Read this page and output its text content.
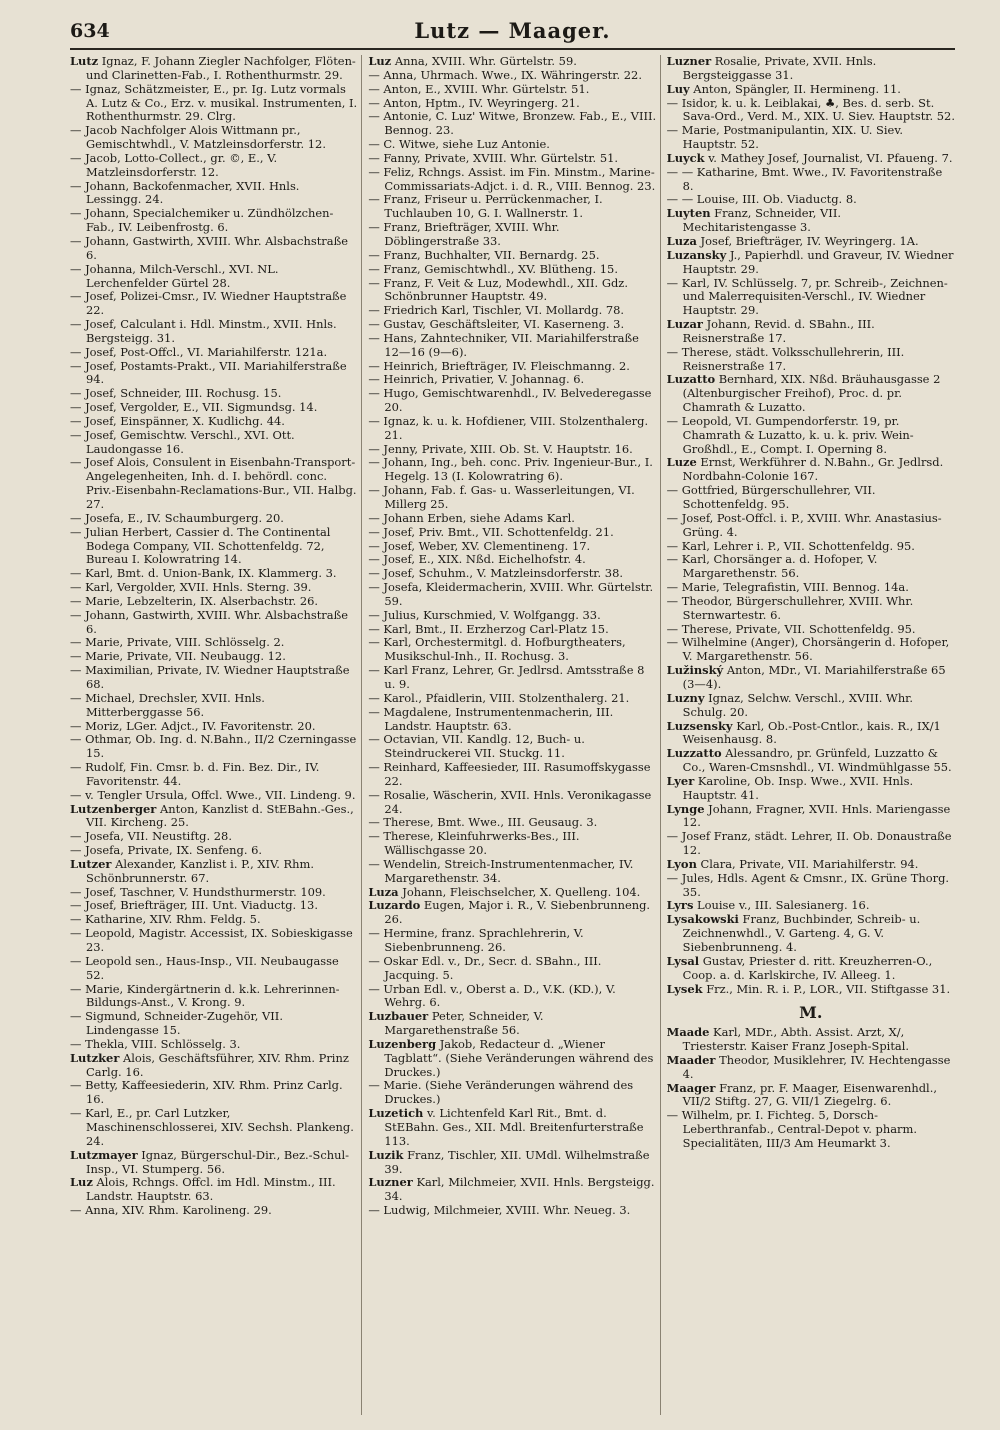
634	Lutz — Maager.

Lutz Ignaz, F. Johann Ziegler Nachfolger, Flöten- und Clarinetten-Fab., I. Rothenthurmstr. 29.

— Ignaz, Schätzmeister, E., pr. Ig. Lutz vormals A. Lutz & Co., Erz. v. musikal. Instrumenten, I. Rothenthurmstr. 29. Clrg.

— Jacob Nachfolger Alois Wittmann pr., Gemischtwhdl., V. Matzleinsdorferstr. 12.

— Jacob, Lotto-Collect., gr. ©, E., V. Matzleinsdorferstr. 12.

— Johann, Backofenmacher, XVII. Hnls. Lessingg. 24.

— Johann, Specialchemiker u. Zündhölzchen-Fab., IV. Leibenfrostg. 6.

— Johann, Gastwirth, XVIII. Whr. Alsbachstraße 6.

— Johanna, Milch-Verschl., XVI. NL. Lerchenfelder Gürtel 28.

— Josef, Polizei-Cmsr., IV. Wiedner Hauptstraße 22.

— Josef, Calculant i. Hdl. Minstm., XVII. Hnls. Bergsteigg. 31.

— Josef, Post-Offcl., VI. Mariahilferstr. 121a.

— Josef, Postamts-Prakt., VII. Mariahilferstraße 94.

— Josef, Schneider, III. Rochusg. 15.

— Josef, Vergolder, E., VII. Sigmundsg. 14.

— Josef, Einspänner, X. Kudlichg. 44.

— Josef, Gemischtw. Verschl., XVI. Ott. Laudongasse 16.

— Josef Alois, Consulent in Eisenbahn-Transport-Angelegenheiten, Inh. d. I. behördl. conc. Priv.-Eisenbahn-Reclamations-Bur., VII. Halbg. 27.

— Josefa, E., IV. Schaumburgerg. 20.

— Julian Herbert, Cassier d. The Continental Bodega Company, VII. Schottenfeldg. 72, Bureau I. Kolowratring 14.

— Karl, Bmt. d. Union-Bank, IX. Klammerg. 3.

— Karl, Vergolder, XVII. Hnls. Sterng. 39.

— Marie, Lebzelterin, IX. Alserbachstr. 26.

— Johann, Gastwirth, XVIII. Whr. Alsbachstraße 6.

— Marie, Private, VIII. Schlösselg. 2.

— Marie, Private, VII. Neubaugg. 12.

— Maximilian, Private, IV. Wiedner Hauptstraße 68.

— Michael, Drechsler, XVII. Hnls. Mitterberggasse 56.

— Moriz, LGer. Adjct., IV. Favoritenstr. 20.

— Othmar, Ob. Ing. d. N.Bahn., II/2 Czerningasse 15.

— Rudolf, Fin. Cmsr. b. d. Fin. Bez. Dir., IV. Favoritenstr. 44.

— v. Tengler Ursula, Offcl. Wwe., VII. Lindeng. 9.

Lutzenberger Anton, Kanzlist d. StEBahn.-Ges., VII. Kircheng. 25.

— Josefa, VII. Neustiftg. 28.

— Josefa, Private, IX. Senfeng. 6.

Lutzer Alexander, Kanzlist i. P., XIV. Rhm. Schönbrunnerstr. 67.

— Josef, Taschner, V. Hundsthurmerstr. 109.

— Josef, Briefträger, III. Unt. Viaductg. 13.

— Katharine, XIV. Rhm. Feldg. 5.

— Leopold, Magistr. Accessist, IX. Sobieskigasse 23.

— Leopold sen., Haus-Insp., VII. Neubaugasse 52.

— Marie, Kindergärtnerin d. k.k. Lehrerinnen-Bildungs-Anst., V. Krong. 9.

— Sigmund, Schneider-Zugehör, VII. Lindengasse 15.

— Thekla, VIII. Schlösselg. 3.

Lutzker Alois, Geschäftsführer, XIV. Rhm. Prinz Carlg. 16.

— Betty, Kaffeesiederin, XIV. Rhm. Prinz Carlg. 16.

— Karl, E., pr. Carl Lutzker, Maschinenschlosserei, XIV. Sechsh. Plankeng. 24.

Lutzmayer Ignaz, Bürgerschul-Dir., Bez.-Schul-Insp., VI. Stumperg. 56.

Luz Alois, Rchngs. Offcl. im Hdl. Minstm., III. Landstr. Hauptstr. 63.

— Anna, XIV. Rhm. Karolineng. 29.

Luz Anna, XVIII. Whr. Gürtelstr. 59.

— Anna, Uhrmach. Wwe., IX. Währingerstr. 22.

— Anton, E., XVIII. Whr. Gürtelstr. 51.

— Anton, Hptm., IV. Weyringerg. 21.

— Antonie, C. Luz' Witwe, Bronzew. Fab., E., VIII. Bennog. 23.

— C. Witwe, siehe Luz Antonie.

— Fanny, Private, XVIII. Whr. Gürtelstr. 51.

— Feliz, Rchngs. Assist. im Fin. Minstm., Marine-Commissariats-Adjct. i. d. R., VIII. Bennog. 23.

— Franz, Friseur u. Perrückenmacher, I. Tuchlauben 10, G. I. Wallnerstr. 1.

— Franz, Briefträger, XVIII. Whr. Döblingerstraße 33.

— Franz, Buchhalter, VII. Bernardg. 25.

— Franz, Gemischtwhdl., XV. Blütheng. 15.

— Franz, F. Veit & Luz, Modewhdl., XII. Gdz. Schönbrunner Hauptstr. 49.

— Friedrich Karl, Tischler, VI. Mollardg. 78.

— Gustav, Geschäftsleiter, VI. Kaserneng. 3.

— Hans, Zahntechniker, VII. Mariahilferstraße 12—16 (9—6).

— Heinrich, Briefträger, IV. Fleischmanng. 2.

— Heinrich, Privatier, V. Johannag. 6.

— Hugo, Gemischtwarenhdl., IV. Belvederegasse 20.

— Ignaz, k. u. k. Hofdiener, VIII. Stolzenthalerg. 21.

— Jenny, Private, XIII. Ob. St. V. Hauptstr. 16.

— Johann, Ing., beh. conc. Priv. Ingenieur-Bur., I. Hegelg. 13 (I. Kolowratring 6).

— Johann, Fab. f. Gas- u. Wasserleitungen, VI. Millerg 25.

— Johann Erben, siehe Adams Karl.

— Josef, Priv. Bmt., VII. Schottenfeldg. 21.

— Josef, Weber, XV. Clementineng. 17.

— Josef, E., XIX. Nßd. Eichelhofstr. 4.

— Josef, Schuhm., V. Matzleinsdorferstr. 38.

— Josefa, Kleidermacherin, XVIII. Whr. Gürtelstr. 59.

— Julius, Kurschmied, V. Wolfgangg. 33.

— Karl, Bmt., II. Erzherzog Carl-Platz 15.

— Karl, Orchestermitgl. d. Hofburgtheaters, Musikschul-Inh., II. Rochusg. 3.

— Karl Franz, Lehrer, Gr. Jedlrsd. Amtsstraße 8 u. 9.

— Karol., Pfaidlerin, VIII. Stolzenthalerg. 21.

— Magdalene, Instrumentenmacherin, III. Landstr. Hauptstr. 63.

— Octavian, VII. Kandlg. 12, Buch- u. Steindruckerei VII. Stuckg. 11.

— Reinhard, Kaffeesieder, III. Rasumoffskygasse 22.

— Rosalie, Wäscherin, XVII. Hnls. Veronikagasse 24.

— Therese, Bmt. Wwe., III. Geusaug. 3.

— Therese, Kleinfuhrwerks-Bes., III. Wällischgasse 20.

— Wendelin, Streich-Instrumentenmacher, IV. Margarethenstr. 34.

Luza Johann, Fleischselcher, X. Quelleng. 104.

Luzardo Eugen, Major i. R., V. Siebenbrunneng. 26.

— Hermine, franz. Sprachlehrerin, V. Siebenbrunneng. 26.

— Oskar Edl. v., Dr., Secr. d. SBahn., III. Jacquing. 5.

— Urban Edl. v., Oberst a. D., V.K. (KD.), V. Wehrg. 6.

Luzbauer Peter, Schneider, V. Margarethenstraße 56.

Luzenberg Jakob, Redacteur d. „Wiener Tagblatt“. (Siehe Veränderungen während des Druckes.)

— Marie. (Siehe Veränderungen während des Druckes.)

Luzetich v. Lichtenfeld Karl Rit., Bmt. d. StEBahn. Ges., XII. Mdl. Breitenfurterstraße 113.

Luzik Franz, Tischler, XII. UMdl. Wilhelmstraße 39.

Luzner Karl, Milchmeier, XVII. Hnls. Bergsteigg. 34.

— Ludwig, Milchmeier, XVIII. Whr. Neueg. 3.

Luzner Rosalie, Private, XVII. Hnls. Bergsteiggasse 31.

Luy Anton, Spängler, II. Hermineng. 11.

— Isidor, k. u. k. Leiblakai, ♣, Bes. d. serb. St. Sava-Ord., Verd. M., XIX. U. Siev. Hauptstr. 52.

— Marie, Postmanipulantin, XIX. U. Siev. Hauptstr. 52.

Luyck v. Mathey Josef, Journalist, VI. Pfaueng. 7.

— — Katharine, Bmt. Wwe., IV. Favoritenstraße 8.

— — Louise, III. Ob. Viaductg. 8.

Luyten Franz, Schneider, VII. Mechitaristengasse 3.

Luza Josef, Briefträger, IV. Weyringerg. 1A.

Luzansky J., Papierhdl. und Graveur, IV. Wiedner Hauptstr. 29.

— Karl, IV. Schlüsselg. 7, pr. Schreib-, Zeichnen- und Malerrequisiten-Verschl., IV. Wiedner Hauptstr. 29.

Luzar Johann, Revid. d. SBahn., III. Reisnerstraße 17.

— Therese, städt. Volksschullehrerin, III. Reisnerstraße 17.

Luzatto Bernhard, XIX. Nßd. Bräuhausgasse 2 (Altenburgischer Freihof), Proc. d. pr. Chamrath & Luzatto.

— Leopold, VI. Gumpendorferstr. 19, pr. Chamrath & Luzatto, k. u. k. priv. Wein-Großhdl., E., Compt. I. Operning 8.

Luze Ernst, Werkführer d. N.Bahn., Gr. Jedlrsd. Nordbahn-Colonie 167.

— Gottfried, Bürgerschullehrer, VII. Schottenfeldg. 95.

— Josef, Post-Offcl. i. P., XVIII. Whr. Anastasius-Grüng. 4.

— Karl, Lehrer i. P., VII. Schottenfeldg. 95.

— Karl, Chorsänger a. d. Hofoper, V. Margarethenstr. 56.

— Marie, Telegrafistin, VIII. Bennog. 14a.

— Theodor, Bürgerschullehrer, XVIII. Whr. Sternwartestr. 6.

— Therese, Private, VII. Schottenfeldg. 95.

— Wilhelmine (Anger), Chorsängerin d. Hofoper, V. Margarethenstr. 56.

Lužinský Anton, MDr., VI. Mariahilferstraße 65 (3—4).

Luzny Ignaz, Selchw. Verschl., XVIII. Whr. Schulg. 20.

Luzsensky Karl, Ob.-Post-Cntlor., kais. R., IX/1 Weisenhausg. 8.

Luzzatto Alessandro, pr. Grünfeld, Luzzatto & Co., Waren-Cmsnshdl., VI. Windmühlgasse 55.

Lyer Karoline, Ob. Insp. Wwe., XVII. Hnls. Hauptstr. 41.

Lynge Johann, Fragner, XVII. Hnls. Mariengasse 12.

— Josef Franz, städt. Lehrer, II. Ob. Donaustraße 12.

Lyon Clara, Private, VII. Mariahilferstr. 94.

— Jules, Hdls. Agent & Cmsnr., IX. Grüne Thorg. 35.

Lyrs Louise v., III. Salesianerg. 16.

Lysakowski Franz, Buchbinder, Schreib- u. Zeichnenwhdl., V. Garteng. 4, G. V. Siebenbrunneng. 4.

Lysal Gustav, Priester d. ritt. Kreuzherren-O., Coop. a. d. Karlskirche, IV. Alleeg. 1.

Lysek Frz., Min. R. i. P., LOR., VII. Stiftgasse 31.

M.

Maade Karl, MDr., Abth. Assist. Arzt, X/, Triesterstr. Kaiser Franz Joseph-Spital.

Maader Theodor, Musiklehrer, IV. Hechtengasse 4.

Maager Franz, pr. F. Maager, Eisenwarenhdl., VII/2 Stiftg. 27, G. VII/1 Ziegelrg. 6.

— Wilhelm, pr. I. Fichteg. 5, Dorsch-Leberthranfab., Central-Depot v. pharm. Specialitäten, III/3 Am Heumarkt 3.
